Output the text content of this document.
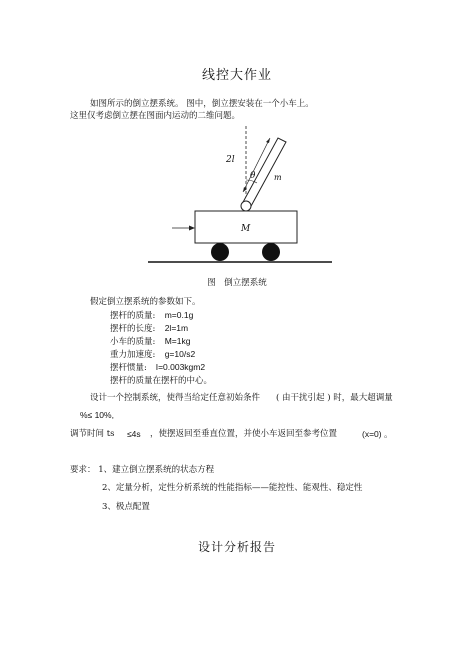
线控大作业
如图所示的倒立摆系统。 图中，倒立摆安装在一个小车上。
这里仅考虑倒立摆在图面内运动的二维问题。
2l
θ m
M
图　倒立摆系统
假定倒立摆系统的参数如下。
摆杆的质量: m=0.1g
摆杆的长度: 2l=1m
小车的质量: M=1kg
重力加速度: g=10/s2
摆杆惯量: I=0.003kgm2
摆杆的质量在摆杆的中心。
设计一个控制系统，使得当给定任意初始条件 ( 由干扰引起 ) 时，最大超调量
%≤ 10%,
调节时间 ts ≤4s ，使摆返回至垂直位置，并使小车返回至参考位置	(x=0) 。
要求： 1、建立倒立摆系统的状态方程
2、定量分析，定性分析系统的性能指标——能控性、能观性、稳定性
3、极点配置
设计分析报告
